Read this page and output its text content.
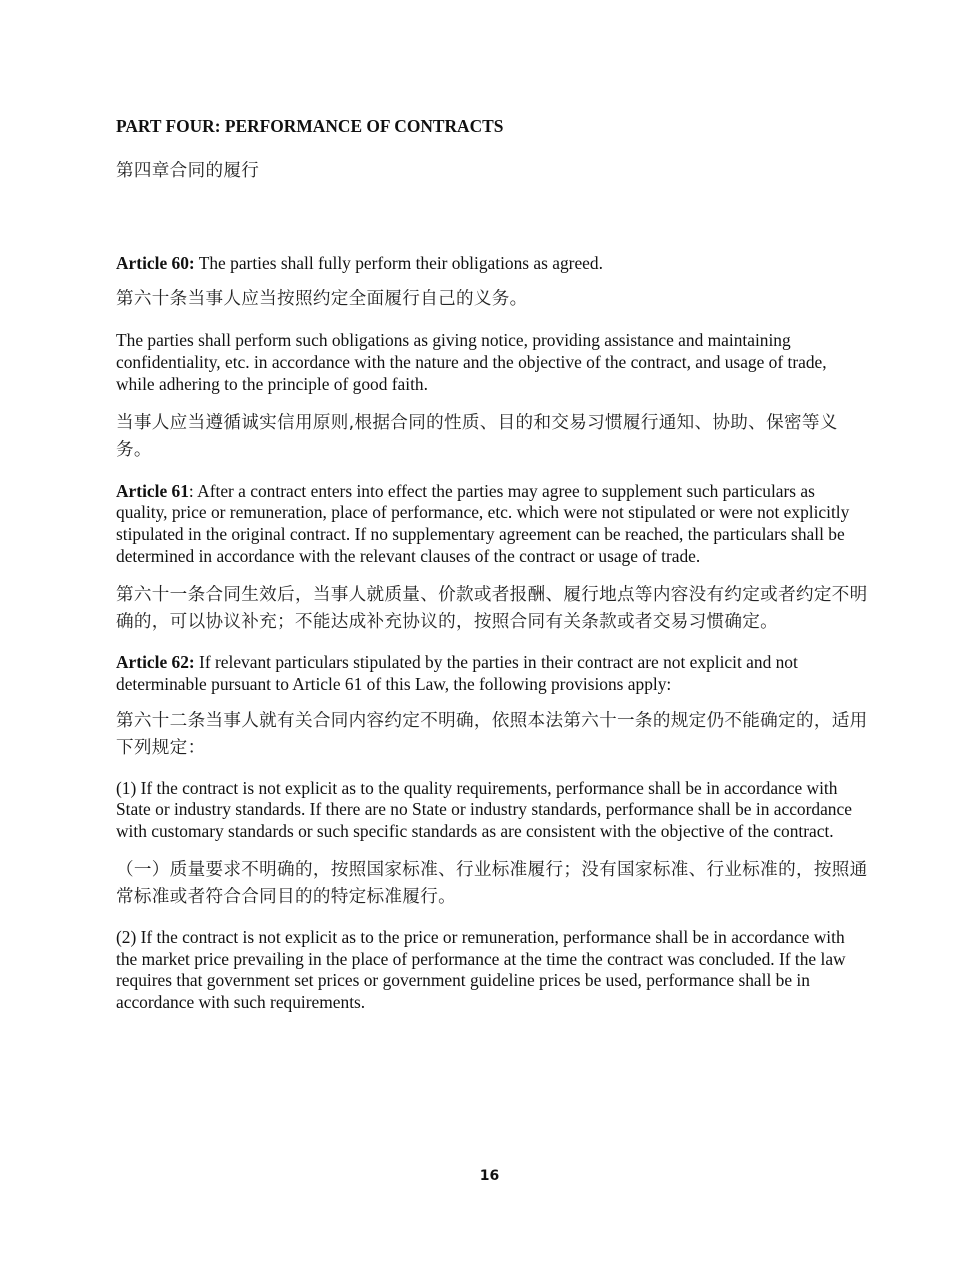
PART FOUR: PERFORMANCE OF CONTRACTS

第四章合同的履行

Article 60: The parties shall fully perform their obligations as agreed.

第六十条当事人应当按照约定全面履行自己的义务。

The parties shall perform such obligations as giving notice, providing assistance and maintaining confidentiality, etc. in accordance with the nature and the objective of the contract, and usage of trade, while adhering to the principle of good faith.

当事人应当遵循诚实信用原则,根据合同的性质、目的和交易习惯履行通知、协助、保密等义务。

Article 61: After a contract enters into effect the parties may agree to supplement such particulars as quality, price or remuneration, place of performance, etc. which were not stipulated or were not explicitly stipulated in the original contract. If no supplementary agreement can be reached, the particulars shall be determined in accordance with the relevant clauses of the contract or usage of trade.

第六十一条合同生效后，当事人就质量、价款或者报酬、履行地点等内容没有约定或者约定不明确的，可以协议补充；不能达成补充协议的，按照合同有关条款或者交易习惯确定。

Article 62: If relevant particulars stipulated by the parties in their contract are not explicit and not determinable pursuant to Article 61 of this Law, the following provisions apply:

第六十二条当事人就有关合同内容约定不明确，依照本法第六十一条的规定仍不能确定的，适用下列规定：

(1) If the contract is not explicit as to the quality requirements, performance shall be in accordance with State or industry standards. If there are no State or industry standards, performance shall be in accordance with customary standards or such specific standards as are consistent with the objective of the contract.

（一）质量要求不明确的，按照国家标准、行业标准履行；没有国家标准、行业标准的，按照通常标准或者符合合同目的的特定标准履行。

(2) If the contract is not explicit as to the price or remuneration, performance shall be in accordance with the market price prevailing in the place of performance at the time the contract was concluded. If the law requires that government set prices or government guideline prices be used, performance shall be in accordance with such requirements.

16
